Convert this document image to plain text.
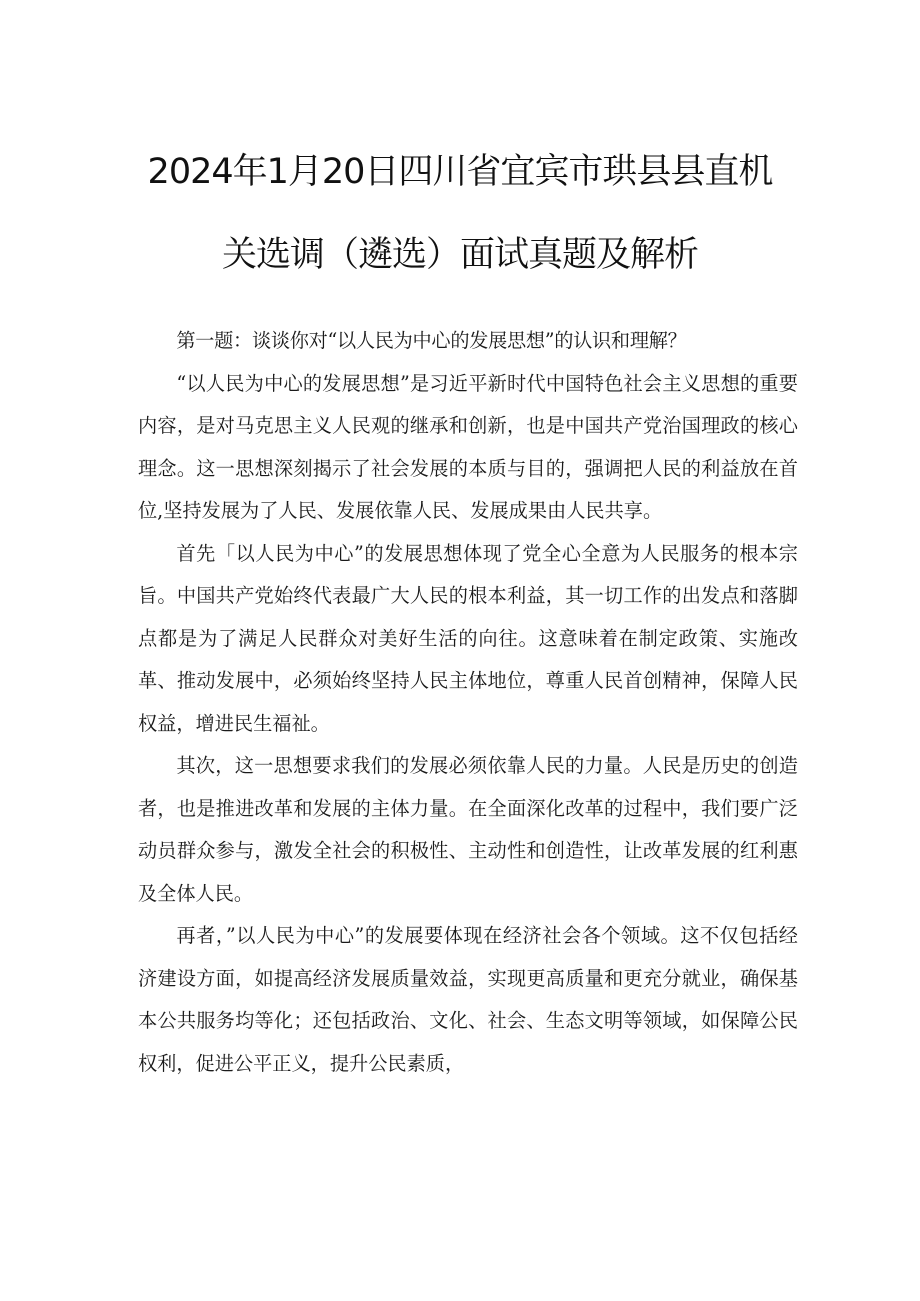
2024年1月20日四川省宜宾市珙县县直机
关选调（遴选）面试真题及解析

第一题：谈谈你对“以人民为中心的发展思想”的认识和理解？

“以人民为中心的发展思想”是习近平新时代中国特色社会主义思想的重要内容，是对马克思主义人民观的继承和创新，也是中国共产党治国理政的核心理念。这一思想深刻揭示了社会发展的本质与目的，强调把人民的利益放在首位,坚持发展为了人民、发展依靠人民、发展成果由人民共享。

首先「以人民为中心”的发展思想体现了党全心全意为人民服务的根本宗旨。中国共产党始终代表最广大人民的根本利益，其一切工作的出发点和落脚点都是为了满足人民群众对美好生活的向往。这意味着在制定政策、实施改革、推动发展中，必须始终坚持人民主体地位，尊重人民首创精神，保障人民权益，增进民生福祉。

其次，这一思想要求我们的发展必须依靠人民的力量。人民是历史的创造者，也是推进改革和发展的主体力量。在全面深化改革的过程中，我们要广泛动员群众参与，激发全社会的积极性、主动性和创造性，让改革发展的红利惠及全体人民。

再者，”以人民为中心”的发展要体现在经济社会各个领域。这不仅包括经济建设方面，如提高经济发展质量效益，实现更高质量和更充分就业，确保基本公共服务均等化；还包括政治、文化、社会、生态文明等领域，如保障公民权利，促进公平正义，提升公民素质，
